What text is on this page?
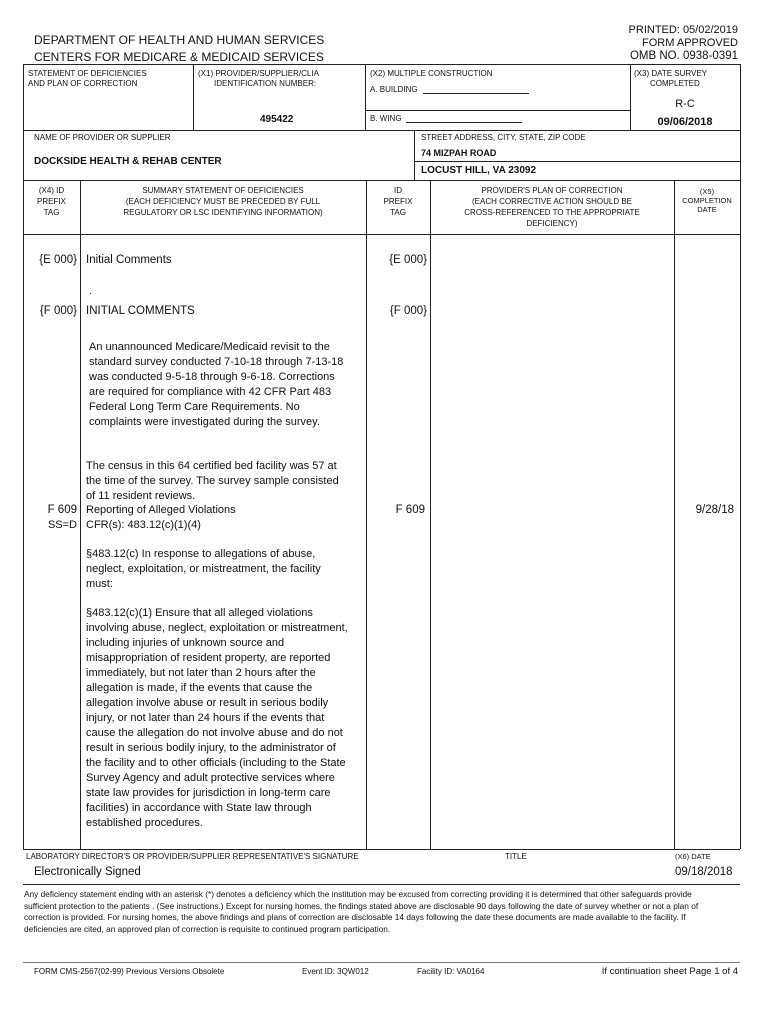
DEPARTMENT OF HEALTH AND HUMAN SERVICES
CENTERS FOR MEDICARE & MEDICAID SERVICES
PRINTED: 05/02/2019
FORM APPROVED
OMB NO. 0938-0391
STATEMENT OF DEFICIENCIES
AND PLAN OF CORRECTION
(X1) PROVIDER/SUPPLIER/CLIA
IDENTIFICATION NUMBER:
495422
(X2) MULTIPLE CONSTRUCTION
A. BUILDING
B. WING
(X3) DATE SURVEY
COMPLETED
R-C
09/06/2018
NAME OF PROVIDER OR SUPPLIER
DOCKSIDE HEALTH & REHAB CENTER
STREET ADDRESS, CITY, STATE, ZIP CODE
74 MIZPAH ROAD
LOCUST HILL, VA 23092
(X4) ID
PREFIX
TAG
SUMMARY STATEMENT OF DEFICIENCIES
(EACH DEFICIENCY MUST BE PRECEDED BY FULL
REGULATORY OR LSC IDENTIFYING INFORMATION)
ID
PREFIX
TAG
PROVIDER'S PLAN OF CORRECTION
(EACH CORRECTIVE ACTION SHOULD BE
CROSS-REFERENCED TO THE APPROPRIATE
DEFICIENCY)
(X5)
COMPLETION
DATE
{E 000} Initial Comments	{E 000}
.
{F 000} INITIAL COMMENTS	{F 000}
An unannounced Medicare/Medicaid revisit to the standard survey conducted 7-10-18 through 7-13-18 was conducted 9-5-18 through 9-6-18. Corrections are required for compliance with 42 CFR Part 483 Federal Long Term Care Requirements. No complaints were investigated during the survey.
The census in this 64 certified bed facility was 57 at the time of the survey. The survey sample consisted of 11 resident reviews.
F 609
SS=D
Reporting of Alleged Violations
CFR(s): 483.12(c)(1)(4)
F 609	9/28/18
§483.12(c) In response to allegations of abuse, neglect, exploitation, or mistreatment, the facility must:
§483.12(c)(1) Ensure that all alleged violations involving abuse, neglect, exploitation or mistreatment, including injuries of unknown source and misappropriation of resident property, are reported immediately, but not later than 2 hours after the allegation is made, if the events that cause the allegation involve abuse or result in serious bodily injury, or not later than 24 hours if the events that cause the allegation do not involve abuse and do not result in serious bodily injury, to the administrator of the facility and to other officials (including to the State Survey Agency and adult protective services where state law provides for jurisdiction in long-term care facilities) in accordance with State law through established procedures.
LABORATORY DIRECTOR'S OR PROVIDER/SUPPLIER REPRESENTATIVE'S SIGNATURE	TITLE	(X6) DATE
Electronically Signed	09/18/2018
Any deficiency statement ending with an asterisk (*) denotes a deficiency which the institution may be excused from correcting providing it is determined that other safeguards provide sufficient protection to the patients . (See instructions.) Except for nursing homes, the findings stated above are disclosable 90 days following the date of survey whether or not a plan of correction is provided. For nursing homes, the above findings and plans of correction are disclosable 14 days following the date these documents are made available to the facility. If deficiencies are cited, an approved plan of correction is requisite to continued program participation.
FORM CMS-2567(02-99) Previous Versions Obsolete	Event ID: 3QW012	Facility ID: VA0164	If continuation sheet Page 1 of 4
